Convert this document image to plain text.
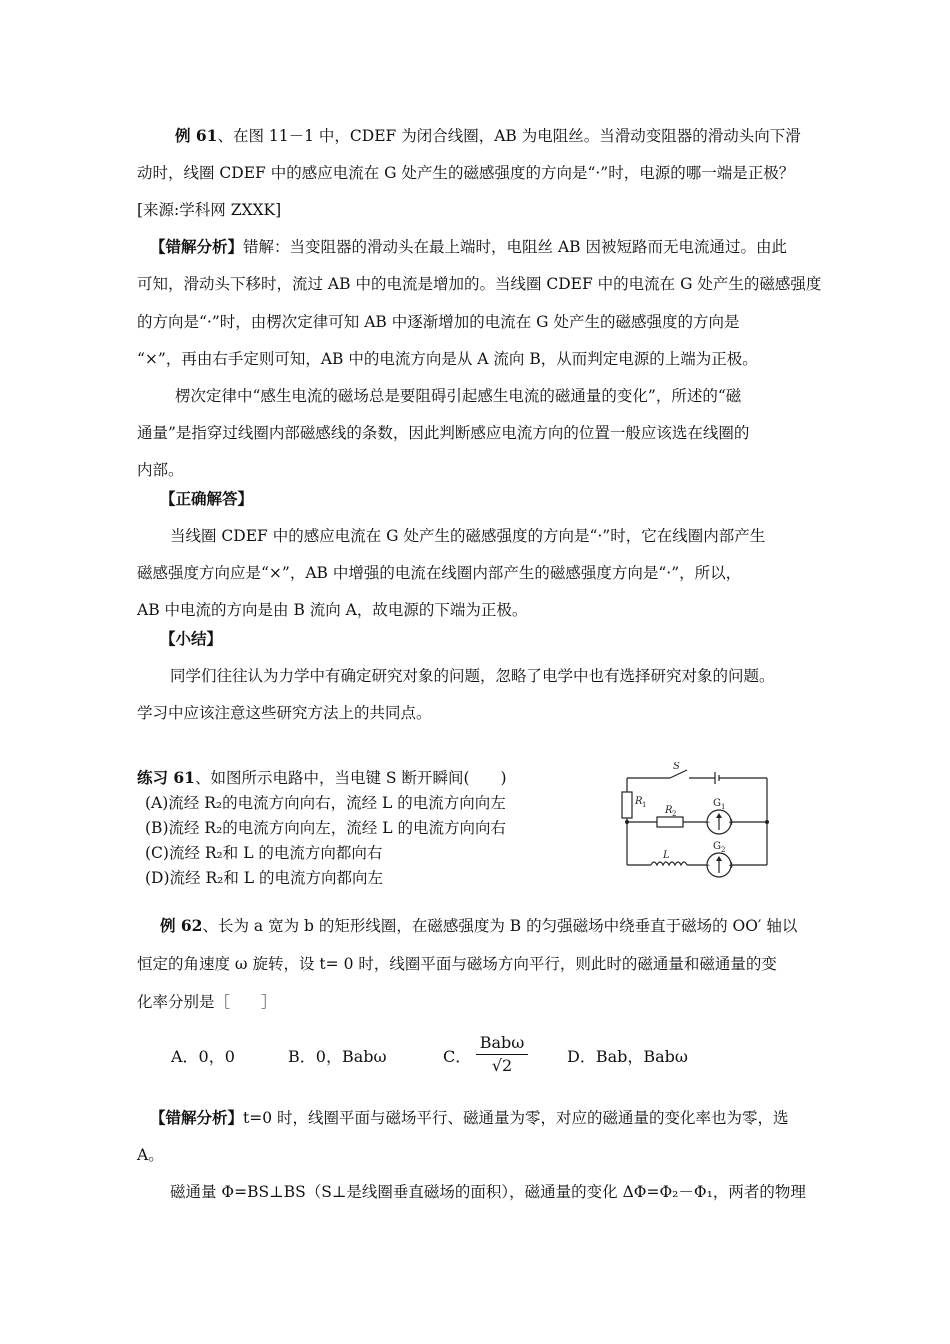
例 61、在图 11－1 中，CDEF 为闭合线圈，AB 为电阻丝。当滑动变阻器的滑动头向下滑
动时，线圈 CDEF 中的感应电流在 G 处产生的磁感强度的方向是“·”时，电源的哪一端是正极？
[来源:学科网 ZXXK]
【错解分析】错解：当变阻器的滑动头在最上端时，电阻丝 AB 因被短路而无电流通过。由此
可知，滑动头下移时，流过 AB 中的电流是增加的。当线圈 CDEF 中的电流在 G 处产生的磁感强度
的方向是“·”时，由楞次定律可知 AB 中逐渐增加的电流在 G 处产生的磁感强度的方向是
“×”，再由右手定则可知，AB 中的电流方向是从 A 流向 B，从而判定电源的上端为正极。
楞次定律中“感生电流的磁场总是要阻碍引起感生电流的磁通量的变化”，所述的“磁
通量”是指穿过线圈内部磁感线的条数，因此判断感应电流方向的位置一般应该选在线圈的
内部。
【正确解答】
当线圈 CDEF 中的感应电流在 G 处产生的磁感强度的方向是“·”时，它在线圈内部产生
磁感强度方向应是“×”，AB 中增强的电流在线圈内部产生的磁感强度方向是“·”，所以，
AB 中电流的方向是由 B 流向 A，故电源的下端为正极。
【小结】
同学们往往认为力学中有确定研究对象的问题，忽略了电学中也有选择研究对象的问题。
学习中应该注意这些研究方法上的共同点。
练习 61、如图所示电路中，当电键 S 断开瞬间(　　)
(A)流经 R₂的电流方向向右，流经 L 的电流方向向左
(B)流经 R₂的电流方向向左，流经 L 的电流方向向右
(C)流经 R₂和 L 的电流方向都向右
(D)流经 R₂和 L 的电流方向都向左
S
R 1 R 2
G 1
G 2
L
− +
− +
例 62、长为 a 宽为 b 的矩形线圈，在磁感强度为 B 的匀强磁场中绕垂直于磁场的 OO′ 轴以
恒定的角速度 ω 旋转，设 t= 0 时，线圈平面与磁场方向平行，则此时的磁通量和磁通量的变
化率分别是［　　］
A．0，0	B．0，Babω	C．
Babω
√2	D．Bab，Babω
【错解分析】t=0 时，线圈平面与磁场平行、磁通量为零，对应的磁通量的变化率也为零，选
A。
磁通量 Φ=BS⊥BS（S⊥是线圈垂直磁场的面积），磁通量的变化 ΔΦ=Φ₂－Φ₁，两者的物理
